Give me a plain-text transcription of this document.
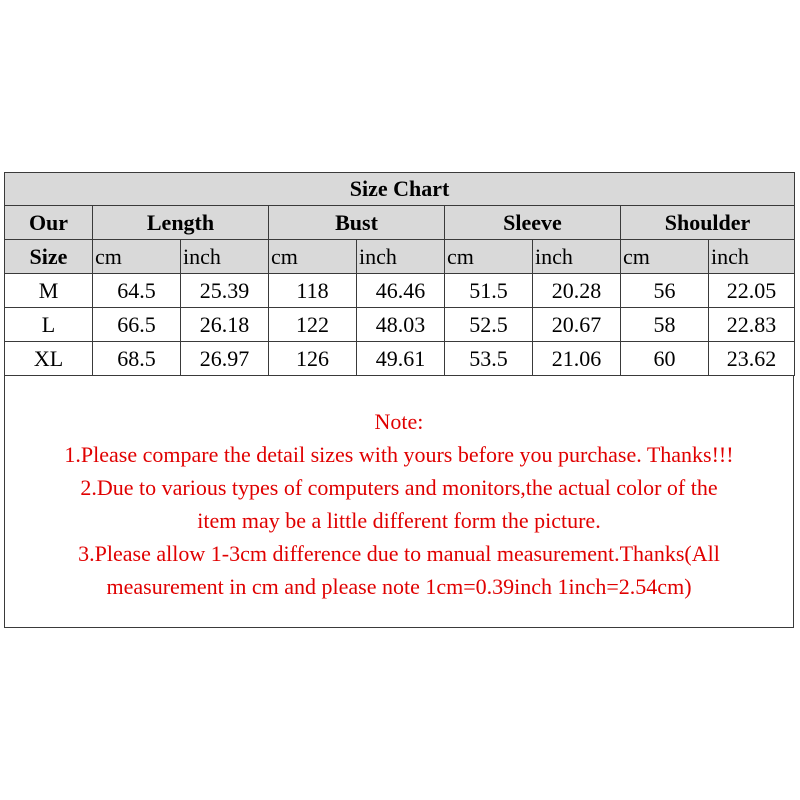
Size Chart								
Our	Length		Bust		Sleeve		Shoulder	
Size	cm	inch	cm	inch	cm	inch	cm	inch
M	64.5	25.39	118	46.46	51.5	20.28	56	22.05
L	66.5	26.18	122	48.03	52.5	20.67	58	22.83
XL	68.5	26.97	126	49.61	53.5	21.06	60	23.62
Note:
1.Please compare the detail sizes with yours before you purchase. Thanks!!!
2.Due to various types of computers and monitors,the actual color of the
item may be a little different form the picture.
3.Please allow 1-3cm difference due to manual measurement.Thanks(All
measurement in cm and please note 1cm=0.39inch 1inch=2.54cm)
